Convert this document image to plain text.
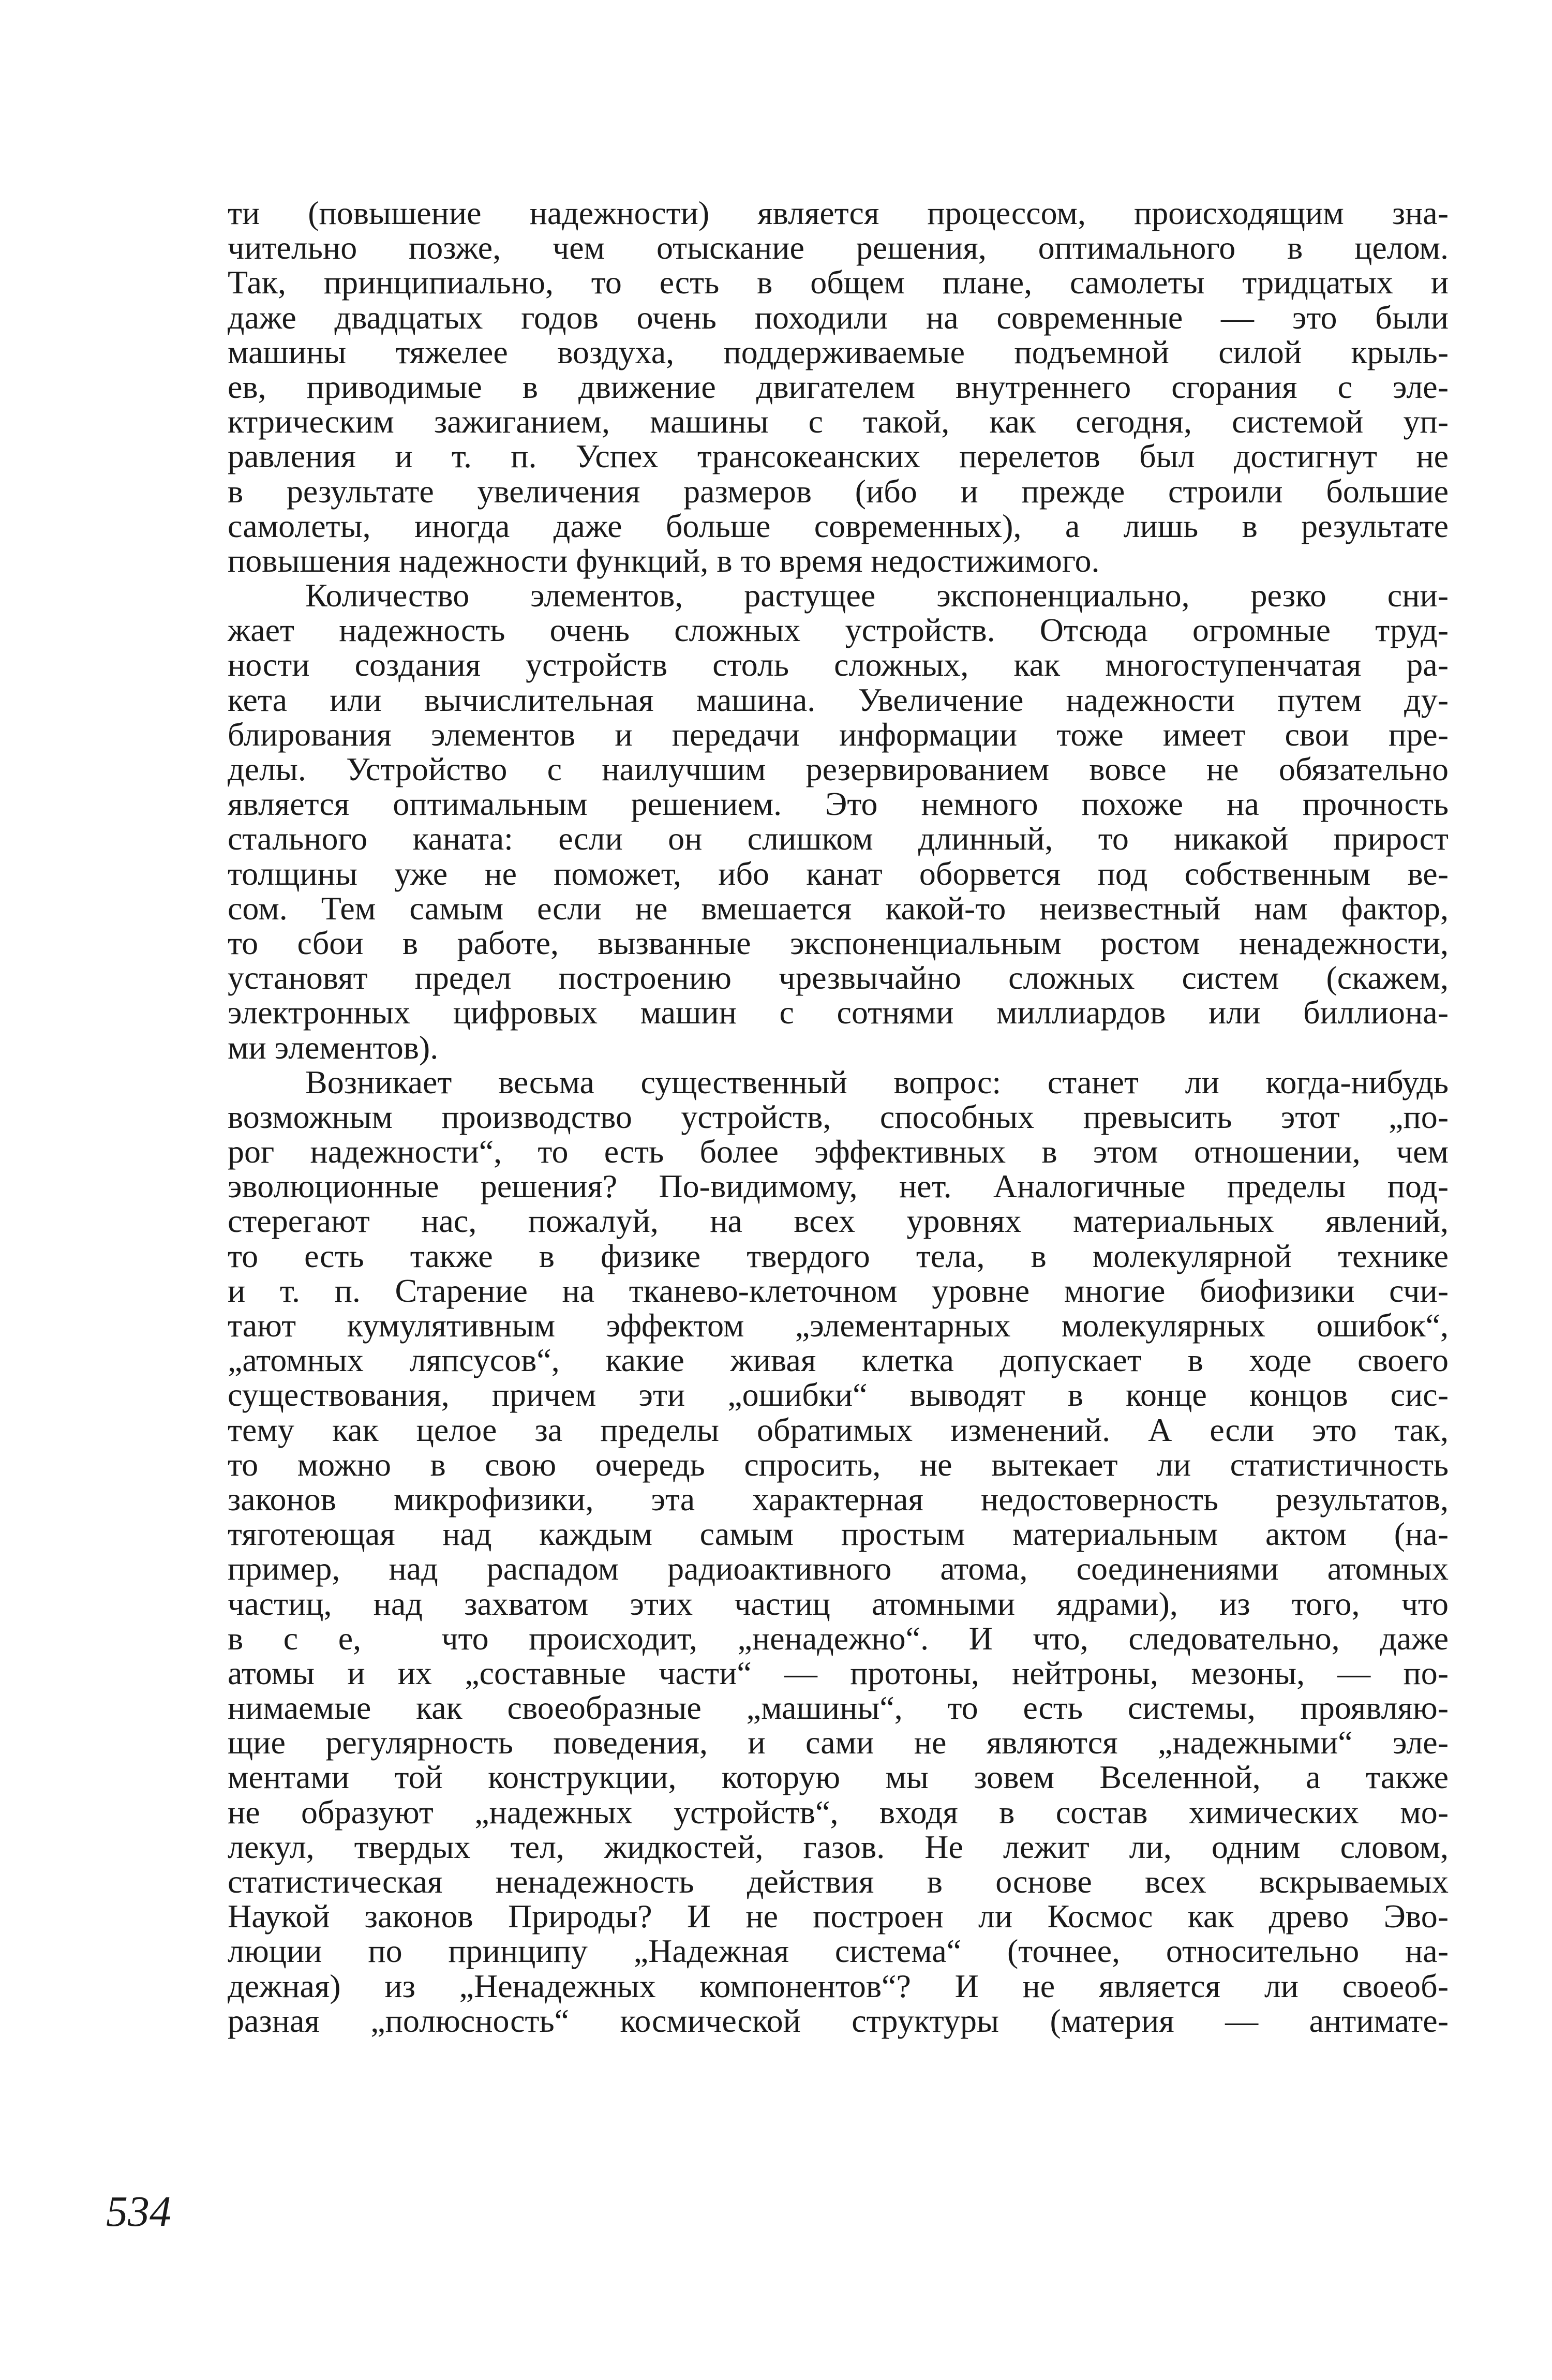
ти (повышение надежности) является процессом, происходящим зна-
чительно позже, чем отыскание решения, оптимального в целом.
Так, принципиально, то есть в общем плане, самолеты тридцатых и
даже двадцатых годов очень походили на современные — это были
машины тяжелее воздуха, поддерживаемые подъемной силой крыль-
ев, приводимые в движение двигателем внутреннего сгорания с эле-
ктрическим зажиганием, машины с такой, как сегодня, системой уп-
равления и т. п. Успех трансокеанских перелетов был достигнут не
в результате увеличения размеров (ибо и прежде строили большие
самолеты, иногда даже больше современных), а лишь в результате
повышения надежности функций, в то время недостижимого.
Количество элементов, растущее экспоненциально, резко сни-
жает надежность очень сложных устройств. Отсюда огромные труд-
ности создания устройств столь сложных, как многоступенчатая ра-
кета или вычислительная машина. Увеличение надежности путем ду-
блирования элементов и передачи информации тоже имеет свои пре-
делы. Устройство с наилучшим резервированием вовсе не обязательно
является оптимальным решением. Это немного похоже на прочность
стального каната: если он слишком длинный, то никакой прирост
толщины уже не поможет, ибо канат оборвется под собственным ве-
сом. Тем самым если не вмешается какой-то неизвестный нам фактор,
то сбои в работе, вызванные экспоненциальным ростом ненадежности,
установят предел построению чрезвычайно сложных систем (скажем,
электронных цифровых машин с сотнями миллиардов или биллиона-
ми элементов).
Возникает весьма существенный вопрос: станет ли когда-нибудь
возможным производство устройств, способных превысить этот „по-
рог надежности“, то есть более эффективных в этом отношении, чем
эволюционные решения? По-видимому, нет. Аналогичные пределы под-
стерегают нас, пожалуй, на всех уровнях материальных явлений,
то есть также в физике твердого тела, в молекулярной технике
и т. п. Старение на тканево-клеточном уровне многие биофизики счи-
тают кумулятивным эффектом „элементарных молекулярных ошибок“,
„атомных ляпсусов“, какие живая клетка допускает в ходе своего
существования, причем эти „ошибки“ выводят в конце концов сис-
тему как целое за пределы обратимых изменений. А если это так,
то можно в свою очередь спросить, не вытекает ли статистичность
законов микрофизики, эта характерная недостоверность результатов,
тяготеющая над каждым самым простым материальным актом (на-
пример, над распадом радиоактивного атома, соединениями атомных
частиц, над захватом этих частиц атомными ядрами), из того, что
в с е,  что происходит, „ненадежно“. И что, следовательно, даже
атомы и их „составные части“ — протоны, нейтроны, мезоны, — по-
нимаемые как своеобразные „машины“, то есть системы, проявляю-
щие регулярность поведения, и сами не являются „надежными“ эле-
ментами той конструкции, которую мы зовем Вселенной, а также
не образуют „надежных устройств“, входя в состав химических мо-
лекул, твердых тел, жидкостей, газов. Не лежит ли, одним словом,
статистическая ненадежность действия в основе всех вскрываемых
Наукой законов Природы? И не построен ли Космос как древо Эво-
люции по принципу „Надежная система“ (точнее, относительно на-
дежная) из „Ненадежных компонентов“? И не является ли своеоб-
разная „полюсность“ космической структуры (материя — антимате-
534
